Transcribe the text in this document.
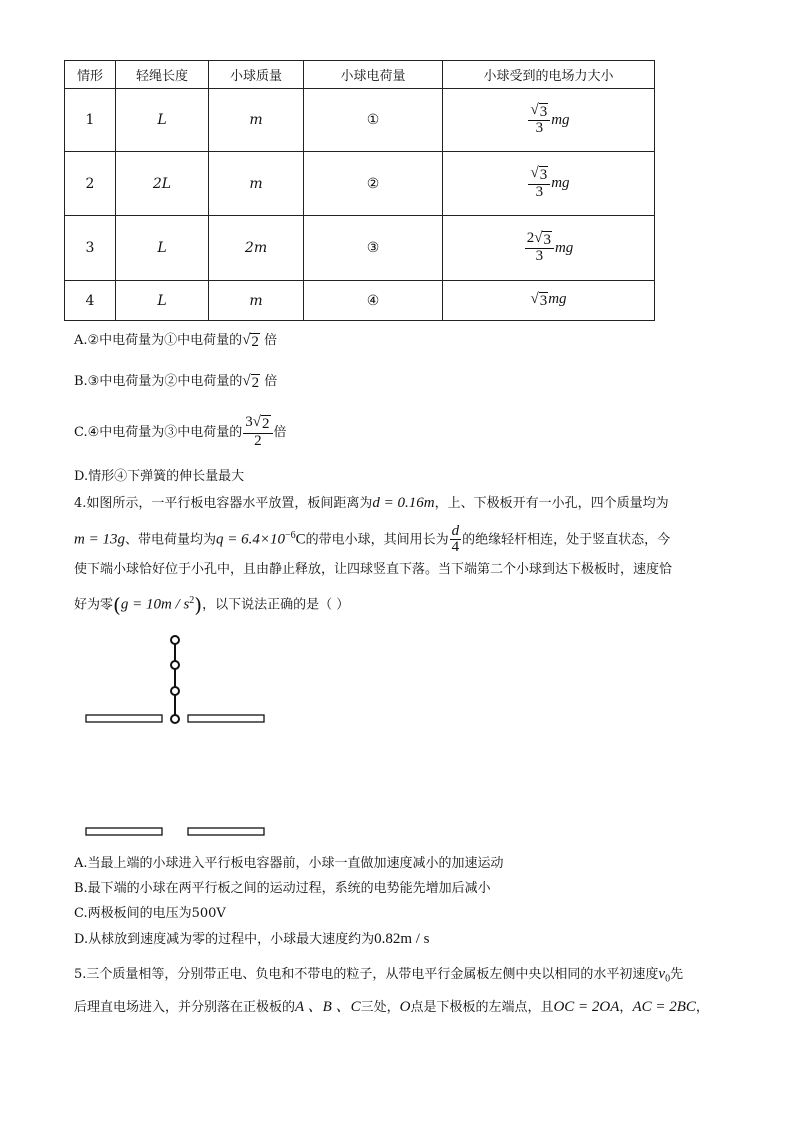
情形	轻绳长度	小球质量	小球电荷量	小球受到的电场力大小
1	L	m	①	$\frac{√ 3}{3}$ mg
2	2L	m	②	$\frac{√ 3}{3}$ mg
3	L	2m	③	$\frac{2 √ 3}{3}$ mg
4	L	m	④	√ 3 mg
A.②中电荷量为①中电荷量的 √ 2 倍
B.③中电荷量为②中电荷量的 √ 2 倍
C.④中电荷量为③中电荷量的 $\frac{3 √ 2}{2}$ 倍
D.情形④下弹簧的伸长量最大
4.如图所示，一平行板电容器水平放置，板间距离为d = 0.16m，上、下极板开有一小孔，四个质量均为
m = 13g、带电荷量均为$q = 6.4\times 10^{-6}C$的带电小球，其间用长为 $\frac{d}{4}$ 的绝缘轻杆相连，处于竖直状态，今
使下端小球恰好位于小孔中，且由静止释放，让四球竖直下落。当下端第二个小球到达下极板时，速度恰
好为零$(g = 10m / s^2)$，以下说法正确的是（ ）
A.当最上端的小球进入平行板电容器前，小球一直做加速度减小的加速运动
B.最下端的小球在两平行板之间的运动过程，系统的电势能先增加后减小
C.两极板间的电压为500V
D.从梂放到速度减为零的过程中，小球最大速度约为0.82m / s
5.三个质量相等，分别带正电、负电和不带电的粒子，从带电平行金属板左侧中央以相同的水平初速度$v_0$先
后理直电场进入，并分别落在正极板的A 、B 、C三处，O点是下极板的左端点，且OC = 2OA，AC = 2BC，
